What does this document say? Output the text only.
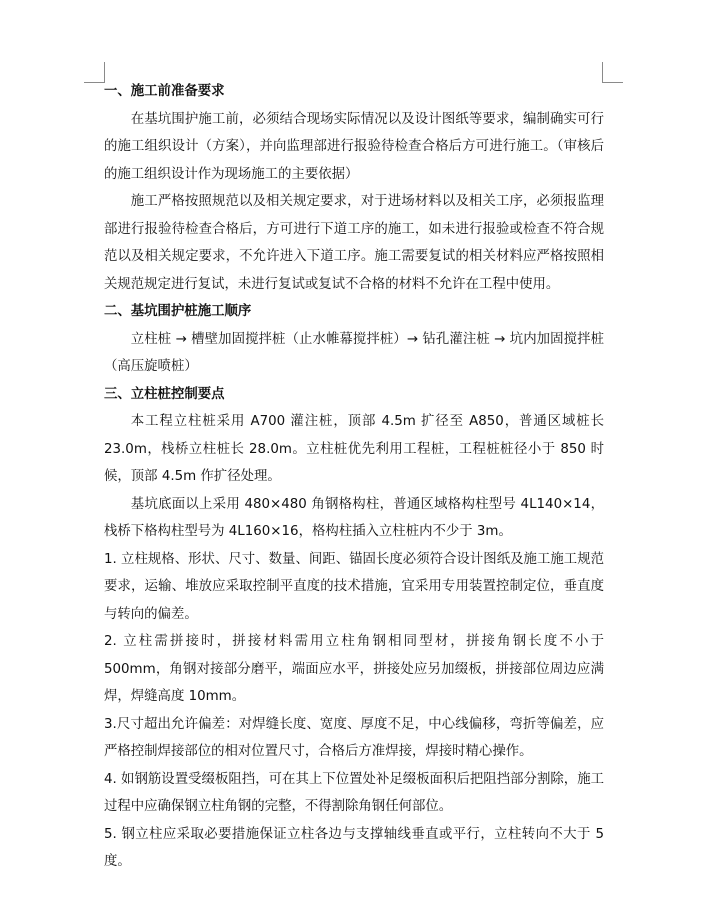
一、施工前准备要求

在基坑围护施工前，必须结合现场实际情况以及设计图纸等要求，编制确实可行的施工组织设计（方案），并向监理部进行报验待检查合格后方可进行施工。（审核后的施工组织设计作为现场施工的主要依据）

施工严格按照规范以及相关规定要求，对于进场材料以及相关工序，必须报监理部进行报验待检查合格后，方可进行下道工序的施工，如未进行报验或检查不符合规范以及相关规定要求，不允许进入下道工序。施工需要复试的相关材料应严格按照相关规范规定进行复试，未进行复试或复试不合格的材料不允许在工程中使用。

二、基坑围护桩施工顺序

立柱桩 → 槽壁加固搅拌桩（止水帷幕搅拌桩）→ 钻孔灌注桩 → 坑内加固搅拌桩（高压旋喷桩）

三、立柱桩控制要点

本工程立柱桩采用 A700 灌注桩，顶部 4.5m 扩径至 A850，普通区域桩长 23.0m，栈桥立柱桩长 28.0m。立柱桩优先利用工程桩，工程桩桩径小于 850 时候，顶部 4.5m 作扩径处理。

基坑底面以上采用 480×480 角钢格构柱，普通区域格构柱型号 4L140×14，栈桥下格构柱型号为 4L160×16，格构柱插入立柱桩内不少于 3m。

1. 立柱规格、形状、尺寸、数量、间距、锚固长度必须符合设计图纸及施工施工规范要求，运输、堆放应采取控制平直度的技术措施，宜采用专用装置控制定位，垂直度与转向的偏差。

2. 立柱需拼接时，拼接材料需用立柱角钢相同型材，拼接角钢长度不小于 500mm，角钢对接部分磨平，端面应水平，拼接处应另加缀板，拼接部位周边应满焊，焊缝高度 10mm。

3.尺寸超出允许偏差：对焊缝长度、宽度、厚度不足，中心线偏移，弯折等偏差，应严格控制焊接部位的相对位置尺寸，合格后方准焊接，焊接时精心操作。

4. 如钢筋设置受缀板阻挡，可在其上下位置处补足缀板面积后把阻挡部分割除，施工过程中应确保钢立柱角钢的完整，不得割除角钢任何部位。

5. 钢立柱应采取必要措施保证立柱各边与支撑轴线垂直或平行，立柱转向不大于 5 度。
